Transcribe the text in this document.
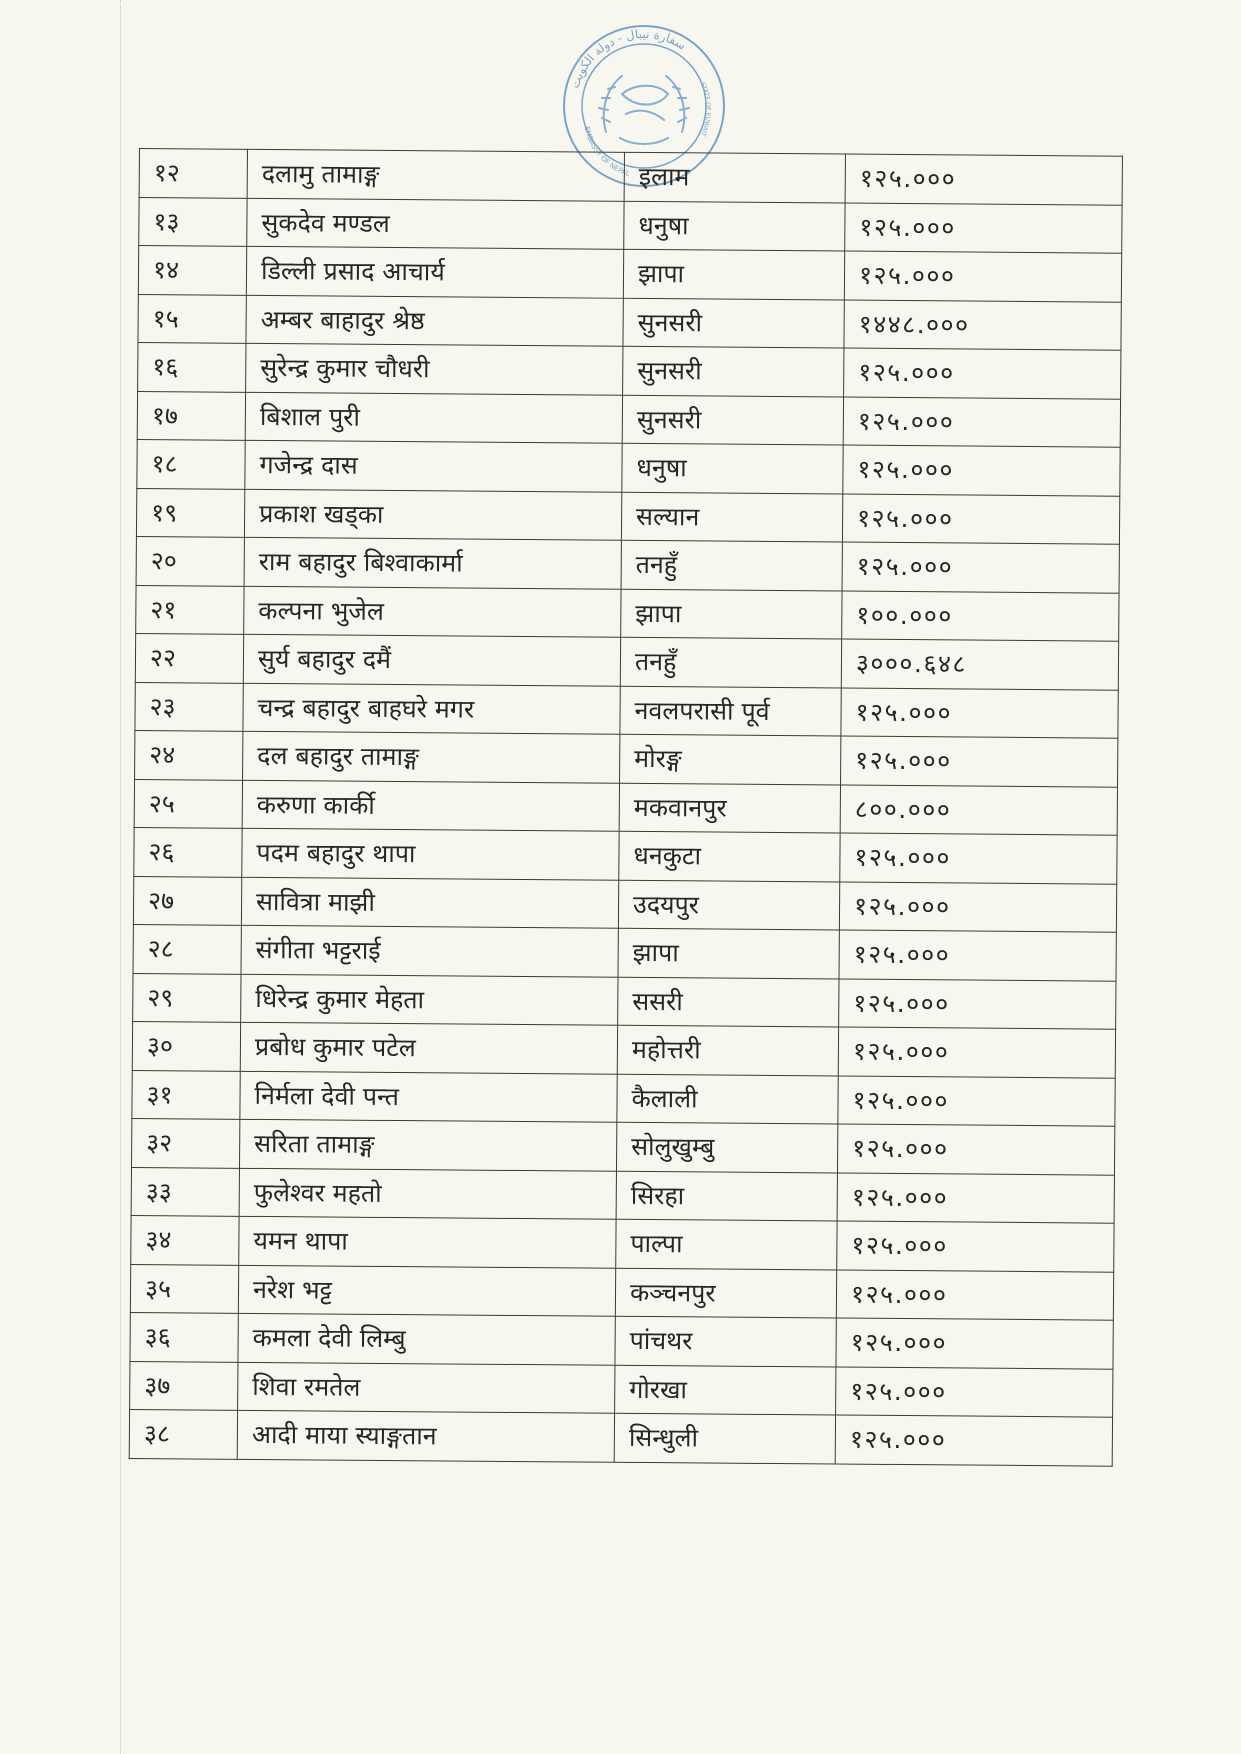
سفارة نيبال - دولة الكويت
EMBASSY OF NEPAL
STATE OF KUWAIT
१२	दलामु तामाङ्ग	इलाम	१२५.०००
१३	सुकदेव मण्डल	धनुषा	१२५.०००
१४	डिल्ली प्रसाद आचार्य	झापा	१२५.०००
१५	अम्बर बाहादुर श्रेष्ठ	सुनसरी	१४४८.०००
१६	सुरेन्द्र कुमार चौधरी	सुनसरी	१२५.०००
१७	बिशाल पुरी	सुनसरी	१२५.०००
१८	गजेन्द्र दास	धनुषा	१२५.०००
१९	प्रकाश खड्का	सल्यान	१२५.०००
२०	राम बहादुर बिश्वाकार्मा	तनहुँ	१२५.०००
२१	कल्पना भुजेल	झापा	१००.०००
२२	सुर्य बहादुर दमैं	तनहुँ	३०००.६४८
२३	चन्द्र बहादुर बाहघरे मगर	नवलपरासी पूर्व	१२५.०००
२४	दल बहादुर तामाङ्ग	मोरङ्ग	१२५.०००
२५	करुणा कार्की	मकवानपुर	८००.०००
२६	पदम बहादुर थापा	धनकुटा	१२५.०००
२७	सावित्रा माझी	उदयपुर	१२५.०००
२८	संगीता भट्टराई	झापा	१२५.०००
२९	धिरेन्द्र कुमार मेहता	ससरी	१२५.०००
३०	प्रबोध कुमार पटेल	महोत्तरी	१२५.०००
३१	निर्मला देवी पन्त	कैलाली	१२५.०००
३२	सरिता तामाङ्ग	सोलुखुम्बु	१२५.०००
३३	फुलेश्वर महतो	सिरहा	१२५.०००
३४	यमन थापा	पाल्पा	१२५.०००
३५	नरेश भट्ट	कञ्चनपुर	१२५.०००
३६	कमला देवी लिम्बु	पांचथर	१२५.०००
३७	शिवा रमतेल	गोरखा	१२५.०००
३८	आदी माया स्याङ्गतान	सिन्धुली	१२५.०००
